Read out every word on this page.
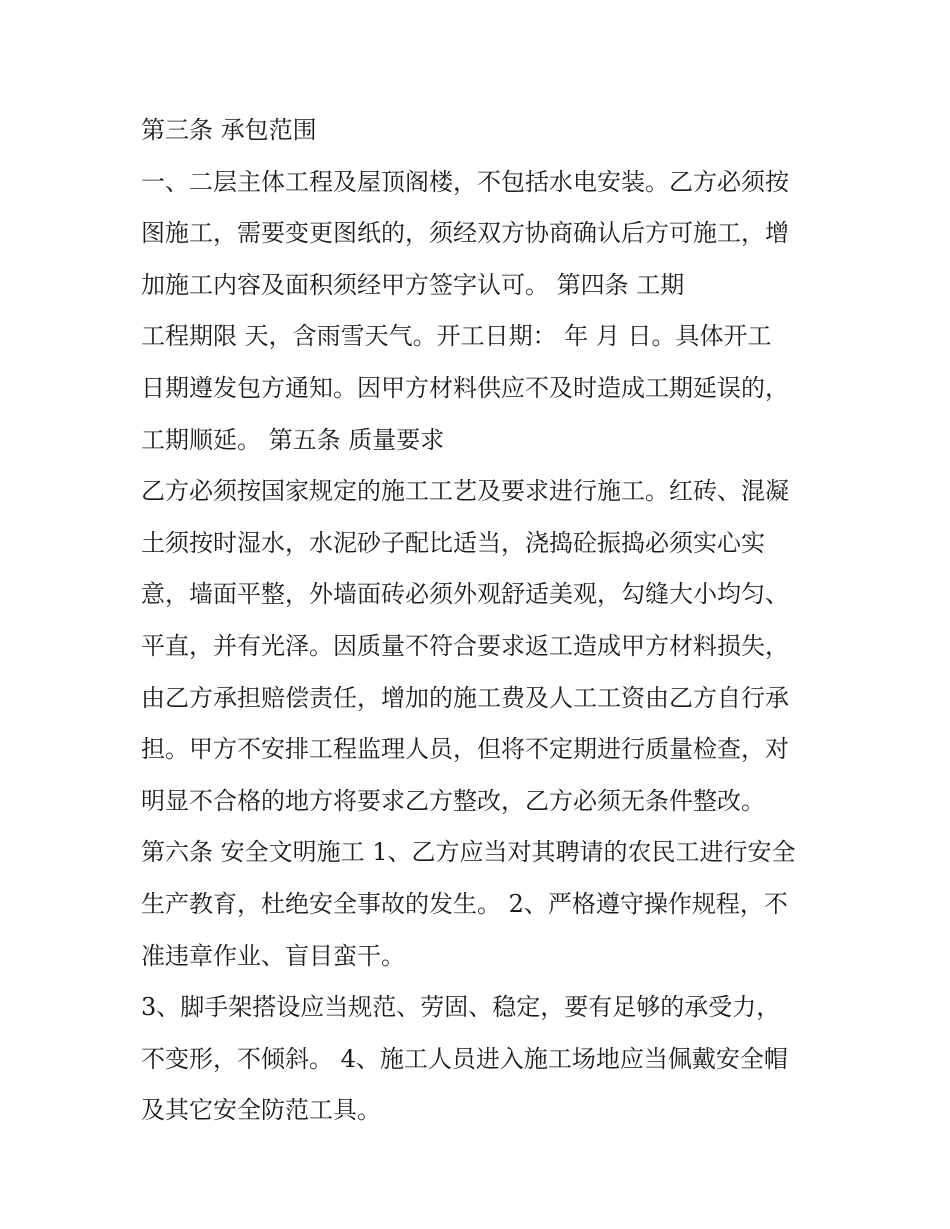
第三条 承包范围
一、二层主体工程及屋顶阁楼，不包括水电安装。乙方必须按
图施工，需要变更图纸的，须经双方协商确认后方可施工，增
加施工内容及面积须经甲方签字认可。 第四条 工期
工程期限 天，含雨雪天气。开工日期： 年 月 日。具体开工
日期遵发包方通知。因甲方材料供应不及时造成工期延误的，
工期顺延。 第五条 质量要求
乙方必须按国家规定的施工工艺及要求进行施工。红砖、混凝
土须按时湿水，水泥砂子配比适当，浇捣砼振捣必须实心实
意，墙面平整，外墙面砖必须外观舒适美观，勾缝大小均匀、
平直，并有光泽。因质量不符合要求返工造成甲方材料损失，
由乙方承担赔偿责任，增加的施工费及人工工资由乙方自行承
担。甲方不安排工程监理人员，但将不定期进行质量检查，对
明显不合格的地方将要求乙方整改，乙方必须无条件整改。
第六条 安全文明施工 1、乙方应当对其聘请的农民工进行安全
生产教育，杜绝安全事故的发生。 2、严格遵守操作规程，不
准违章作业、盲目蛮干。
3、脚手架搭设应当规范、劳固、稳定，要有足够的承受力，
不变形，不倾斜。 4、施工人员进入施工场地应当佩戴安全帽
及其它安全防范工具。
